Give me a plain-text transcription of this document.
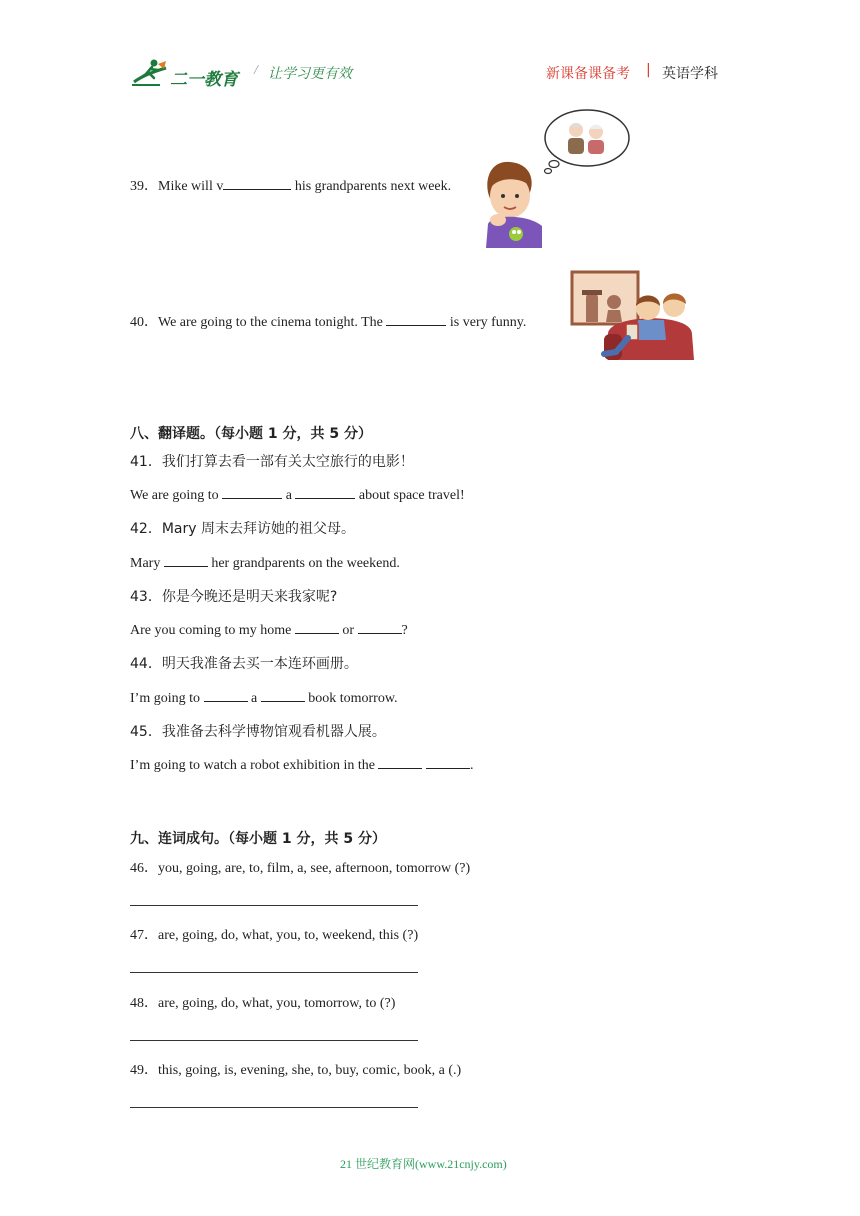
二一教育 / 让学习更有效	新课备课备考 | 英语学科
39．Mike will v	his grandparents next week.
40．We are going to the cinema tonight. The	is very funny.
八、翻译题。（每小题 1 分，共 5 分）
41．我们打算去看一部有关太空旅行的电影！
We are going to	a	about space travel!
42．Mary 周末去拜访她的祖父母。
Mary	her grandparents on the weekend.
43．你是今晚还是明天来我家呢?
Are you coming to my home	or	?
44．明天我准备去买一本连环画册。
I’m going to	a	book tomorrow.
45．我准备去科学博物馆观看机器人展。
I’m going to watch a robot exhibition in the	.
九、连词成句。（每小题 1 分，共 5 分）
46．you, going, are, to, film, a, see, afternoon, tomorrow (?)
47．are, going, do, what, you, to, weekend, this (?)
48．are, going, do, what, you, tomorrow, to (?)
49．this, going, is, evening, she, to, buy, comic, book, a (.)
21 世纪教育网(www.21cnjy.com)
